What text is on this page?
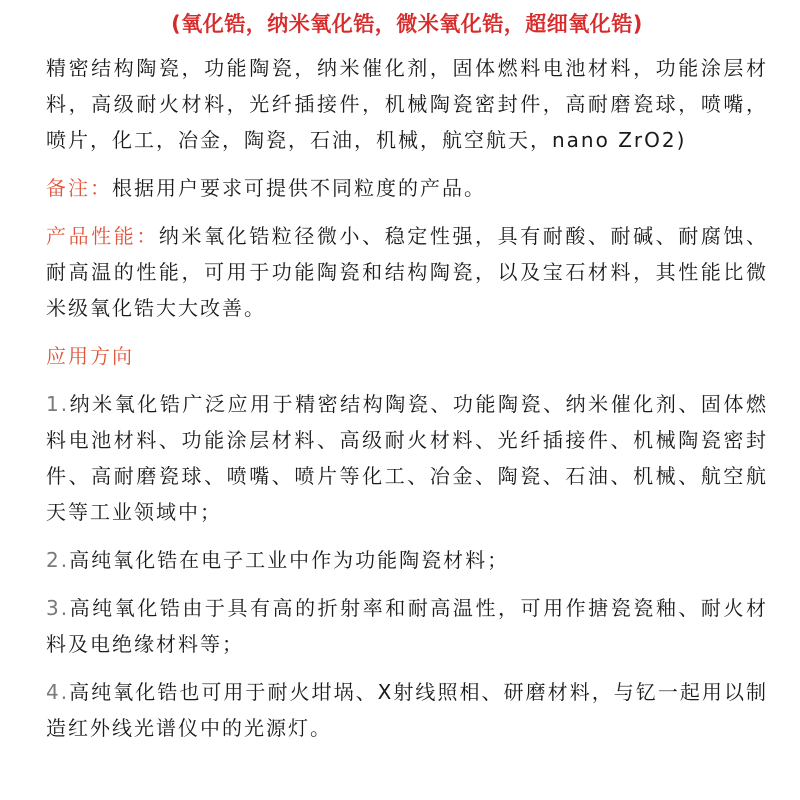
(氧化锆，纳米氧化锆，微米氧化锆，超细氧化锆)

精密结构陶瓷，功能陶瓷，纳米催化剂，固体燃料电池材料，功能涂层材料，高级耐火材料，光纤插接件，机械陶瓷密封件，高耐磨瓷球，喷嘴，喷片，化工，冶金，陶瓷，石油，机械，航空航天，nano ZrO2)

备注：根据用户要求可提供不同粒度的产品。

产品性能：纳米氧化锆粒径微小、稳定性强，具有耐酸、耐碱、耐腐蚀、耐高温的性能，可用于功能陶瓷和结构陶瓷，以及宝石材料，其性能比微米级氧化锆大大改善。

应用方向

1.纳米氧化锆广泛应用于精密结构陶瓷、功能陶瓷、纳米催化剂、固体燃料电池材料、功能涂层材料、高级耐火材料、光纤插接件、机械陶瓷密封件、高耐磨瓷球、喷嘴、喷片等化工、冶金、陶瓷、石油、机械、航空航天等工业领域中；

2.高纯氧化锆在电子工业中作为功能陶瓷材料；

3.高纯氧化锆由于具有高的折射率和耐高温性，可用作搪瓷瓷釉、耐火材料及电绝缘材料等；

4.高纯氧化锆也可用于耐火坩埚、X射线照相、研磨材料，与钇一起用以制造红外线光谱仪中的光源灯。
